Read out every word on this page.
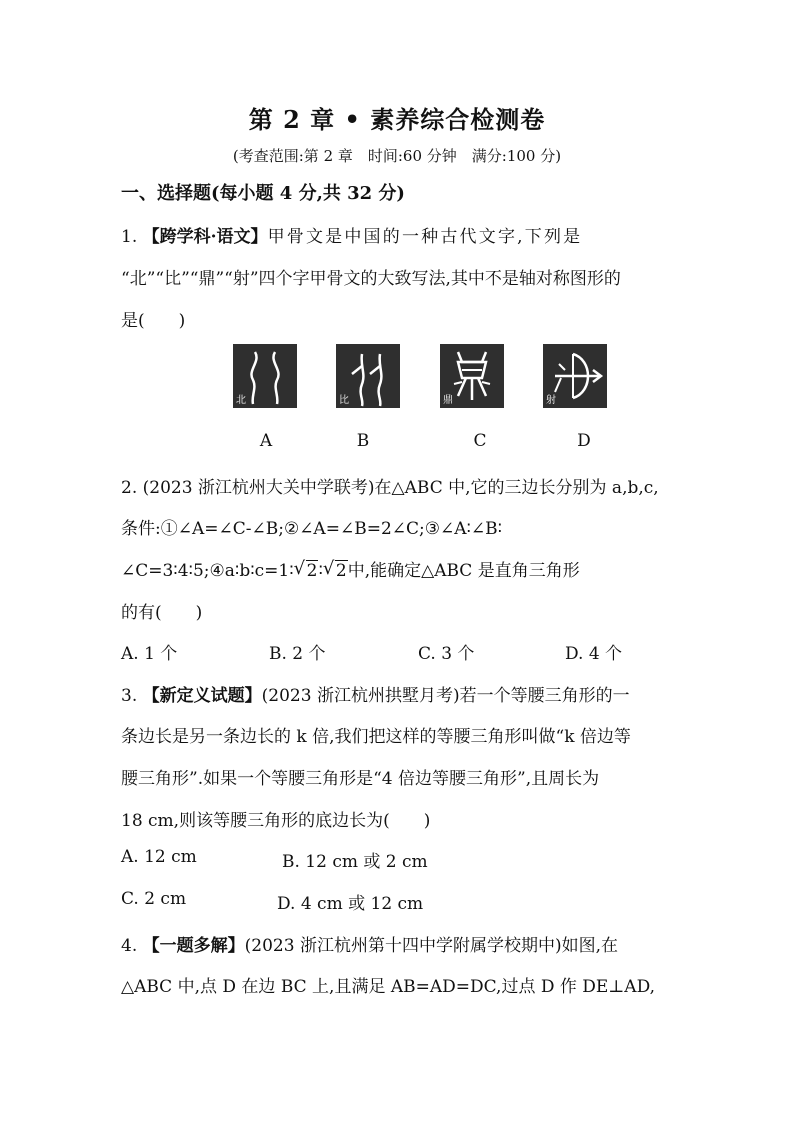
第 2 章 • 素养综合检测卷
(考查范围:第 2 章　时间:60 分钟　满分:100 分)
一、选择题(每小题 4 分,共 32 分)
1. 【跨学科·语文】甲骨文是中国的一种古代文字,下列是
“北”“比”“鼎”“射”四个字甲骨文的大致写法,其中不是轴对称图形的
是(　　)
北	比	鼎	射
A	B	C	D
2. (2023 浙江杭州大关中学联考)在△ABC 中,它的三边长分别为 a,b,c,
条件:①∠A=∠C-∠B;②∠A=∠B=2∠C;③∠A∶∠B∶
∠C=3∶4∶5;④a∶b∶c=1∶ √ 2∶ √ 2中,能确定△ABC 是直角三角形
的有(　　)
A. 1 个	B. 2 个	C. 3 个	D. 4 个
3. 【新定义试题】(2023 浙江杭州拱墅月考)若一个等腰三角形的一
条边长是另一条边长的 k 倍,我们把这样的等腰三角形叫做“k 倍边等
腰三角形”.如果一个等腰三角形是“4 倍边等腰三角形”,且周长为
18 cm,则该等腰三角形的底边长为(　　)
A. 12 cm	B. 12 cm 或 2 cm
C. 2 cm	D. 4 cm 或 12 cm
4. 【一题多解】(2023 浙江杭州第十四中学附属学校期中)如图,在
△ABC 中,点 D 在边 BC 上,且满足 AB=AD=DC,过点 D 作 DE⊥AD,
